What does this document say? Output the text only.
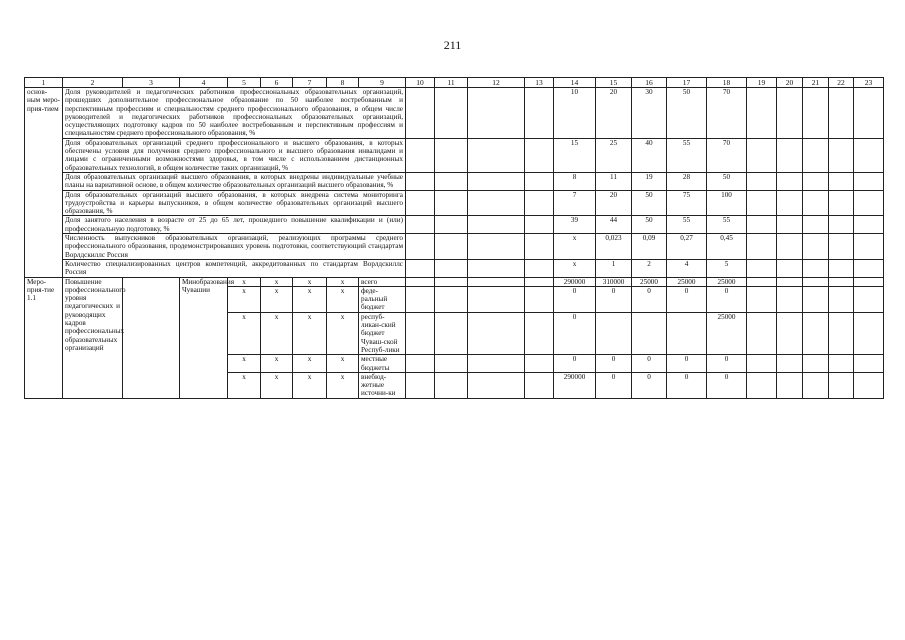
211
1	2	3	4	5	6	7	8	9	10	11	12	13	14	15	16	17	18	19	20	21	22	23
основ-ным меро-прия-тием	Доля руководителей и педагогических работников профессиональных образовательных организаций, прошедших дополнительное профессиональное образование по 50 наиболее востребованным и перспективным профессиям и специальностям среднего профессионального образования, в общем числе руководителей и педагогических работников профессиональных образовательных организаций, осуществляющих подготовку кадров по 50 наиболее востребованным и перспективным профессиям и специальностям среднего профессионального образования, %												10	20	30	50	70					
	Доля образовательных организаций среднего профессионального и высшего образования, в которых обеспечены условия для получения среднего профессионального и высшего образования инвалидами и лицами с ограниченными возможностями здоровья, в том числе с использованием дистанционных образовательных технологий, в общем количестве таких организаций, %												15	25	40	55	70					
	Доля образовательных организаций высшего образования, в которых внедрены индивидуальные учебные планы на вариативной основе, в общем количестве образовательных организаций высшего образования, %												8	11	19	28	50					
	Доля образовательных организаций высшего образования, в которых внедрена система мониторинга трудоустройства и карьеры выпускников, в общем количестве образовательных организаций высшего образования, %												7	20	50	75	100					
	Доля занятого населения в возрасте от 25 до 65 лет, прошедшего повышение квалификации и (или) профессиональную подготовку, %												39	44	50	55	55					
	Численность выпускников образовательных организаций, реализующих программы среднего профессионального образования, продемонстрировавших уровень подготовки, соответствующий стандартам Ворлдскиллс Россия												x	0,023	0,09	0,27	0,45					
	Количество специализированных центров компетенций, аккредитованных по стандартам Ворлдскиллс Россия												x	1	2	4	5					
Меро-прия-тие 1.1	Повышение профессионального уровня педагогических и руководящих кадров профессиональных образовательных организаций		Минобразования Чувашии	x	x	x	x	всего					290000	310000	25000	25000	25000					
				x	x	x	x	феде-ральный бюджет					0	0	0	0	0					
				x	x	x	x	респуб-ликан-ский бюджет Чуваш-ской Респуб-лики					0				25000					
				x	x	x	x	местные бюджеты					0	0	0	0	0					
				x	x	x	x	внебюд-жетные источни-ки					290000	0	0	0	0					
